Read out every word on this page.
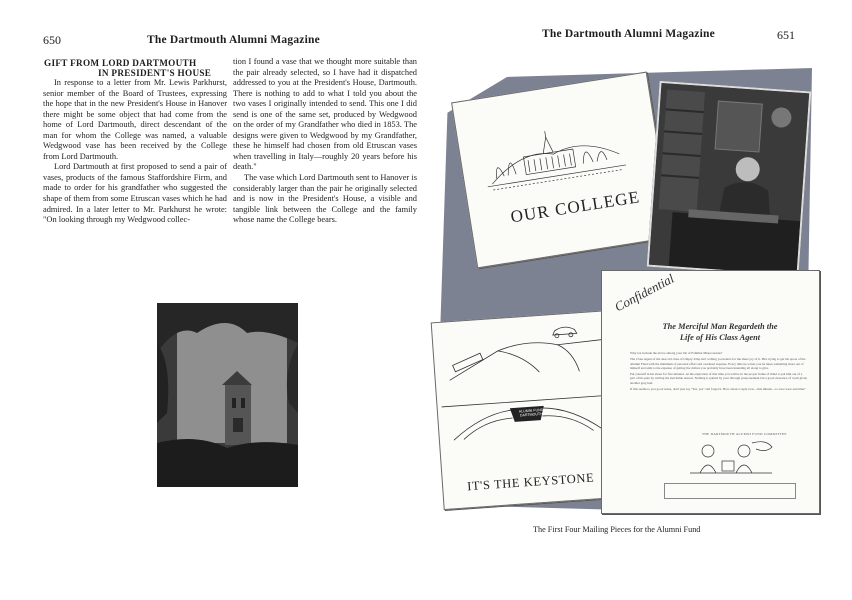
650	The Dartmouth Alumni Magazine
GIFT FROM LORD DARTMOUTH
IN PRESIDENT'S HOUSE

In response to a letter from Mr. Lewis Parkhurst, senior member of the Board of Trustees, expressing the hope that in the new President's House in Hanover there might be some object that had come from the home of Lord Dartmouth, direct descendant of the man for whom the College was named, a valuable Wedgwood vase has been received by the College from Lord Dartmouth.

Lord Dartmouth at first proposed to send a pair of vases, products of the famous Staffordshire Firm, and made to order for his grandfather who suggested the shape of them from some Etruscan vases which he had admired. In a later letter to Mr. Parkhurst he wrote: "On looking through my Wedgwood collec-

tion I found a vase that we thought more suitable than the pair already selected, so I have had it dispatched addressed to you at the President's House, Dartmouth. There is nothing to add to what I told you about the two vases I originally intended to send. This one I did send is one of the same set, produced by Wedgwood on the order of my Grandfather who died in 1853. The designs were given to Wedgwood by my Grandfather, these he himself had chosen from old Etruscan vases when travelling in Italy—roughly 20 years before his death."

The vase which Lord Dartmouth sent to Hanover is considerably larger than the pair he originally selected and is now in the President's House, a visible and tangible link between the College and the family whose name the College bears.

The Dartmouth Alumni Magazine	651
OUR COLLEGE
ALUMNI FUND
DARTMOUTH
IT'S THE KEYSTONE
Confidential
The Merciful Man Regardeth the
Life of His Class Agent

Why not include the above among your list of Familiar Mispronouns?

The Class Agent of the dear old class of Umpty-Ump isn't writing you letters for the sheer joy of it. He's trying to get his quota of the Alumni Fund with the minimum of personal effort and overhead expense. Every time he writes you he takes something more out of himself and adds to the expense of getting the dollars you probably have been intending all along to give.

Put yourself in his shoes for five minutes. At the expiration of that time you will be in the proper frame of mind to put him out of a part of his pain by writing the inevitable answer. Nothing is gained by your through postponement but a good clearance of room given another gray hair.

If this seems to you good sense, don't just say "Yes, yes" and forget it. How about a reply now—this minute—to save wear and time?

THE DARTMOUTH ALUMNI FUND COMMITTEE
The First Four Mailing Pieces for the Alumni Fund
